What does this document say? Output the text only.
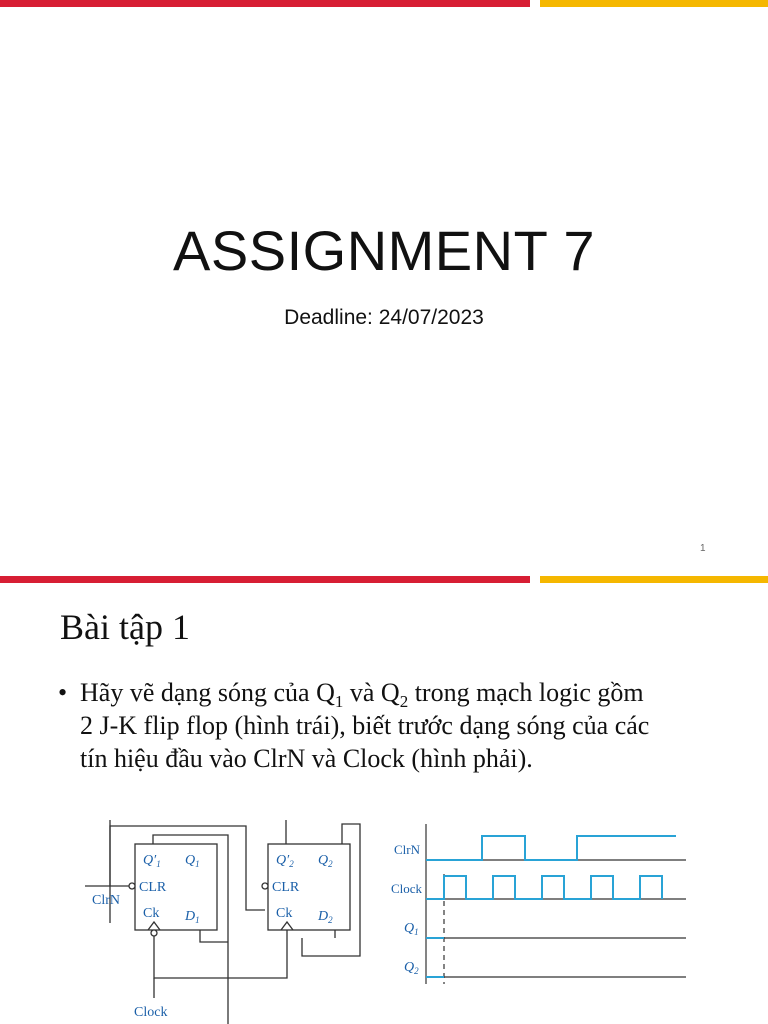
ASSIGNMENT 7
Deadline: 24/07/2023
1
Bài tập 1
• Hãy vẽ dạng sóng của $Q_1$ và $Q_2$ trong mạch logic gồm
2 J-K flip flop (hình trái), biết trước dạng sóng của các
tín hiệu đầu vào ClrN và Clock (hình phải).
$Q'_1$ $Q_1$
CLR
Ck $D_1$
$Q'_2$ $Q_2$
CLR
Ck $D_2$
ClrN
Clock
ClrN
Clock
$Q_1$
$Q_2$
